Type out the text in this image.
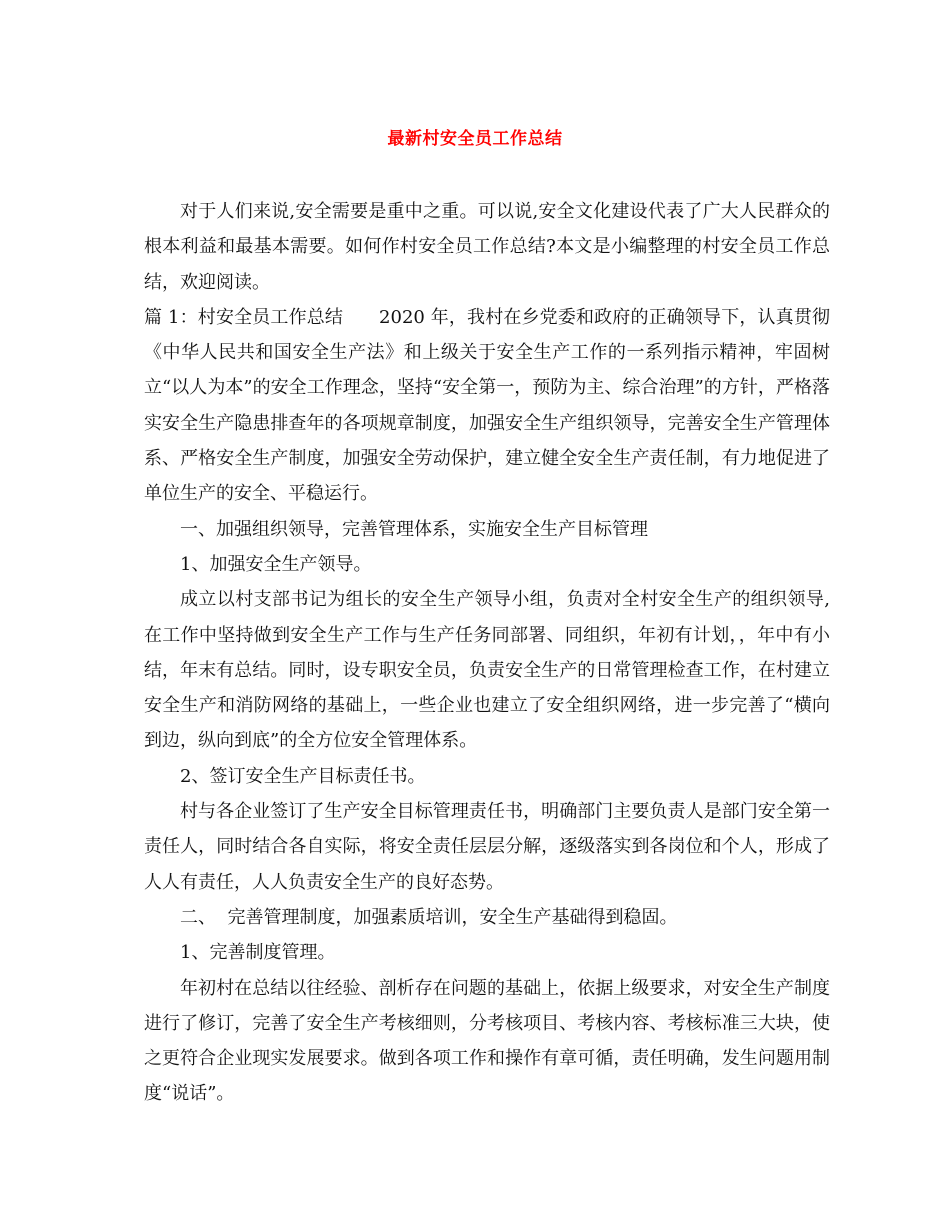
最新村安全员工作总结

对于人们来说,安全需要是重中之重。可以说,安全文化建设代表了广大人民群众的根本利益和最基本需要。如何作村安全员工作总结?本文是小编整理的村安全员工作总结，欢迎阅读。

篇 1：村安全员工作总结 2020 年，我村在乡党委和政府的正确领导下，认真贯彻《中华人民共和国安全生产法》和上级关于安全生产工作的一系列指示精神，牢固树立“以人为本”的安全工作理念，坚持“安全第一，预防为主、综合治理”的方针，严格落实安全生产隐患排查年的各项规章制度，加强安全生产组织领导，完善安全生产管理体系、严格安全生产制度，加强安全劳动保护，建立健全安全生产责任制，有力地促进了单位生产的安全、平稳运行。

一、加强组织领导，完善管理体系，实施安全生产目标管理

1、加强安全生产领导。

成立以村支部书记为组长的安全生产领导小组，负责对全村安全生产的组织领导,在工作中坚持做到安全生产工作与生产任务同部署、同组织，年初有计划，，年中有小结，年末有总结。同时，设专职安全员，负责安全生产的日常管理检查工作，在村建立安全生产和消防网络的基础上，一些企业也建立了安全组织网络，进一步完善了“横向到边，纵向到底”的全方位安全管理体系。

2、签订安全生产目标责任书。

村与各企业签订了生产安全目标管理责任书，明确部门主要负责人是部门安全第一责任人，同时结合各自实际，将安全责任层层分解，逐级落实到各岗位和个人，形成了人人有责任，人人负责安全生产的良好态势。

二、  完善管理制度，加强素质培训，安全生产基础得到稳固。

1、完善制度管理。

年初村在总结以往经验、剖析存在问题的基础上，依据上级要求，对安全生产制度进行了修订，完善了安全生产考核细则，分考核项目、考核内容、考核标准三大块，使之更符合企业现实发展要求。做到各项工作和操作有章可循，责任明确，发生问题用制度“说话”。
